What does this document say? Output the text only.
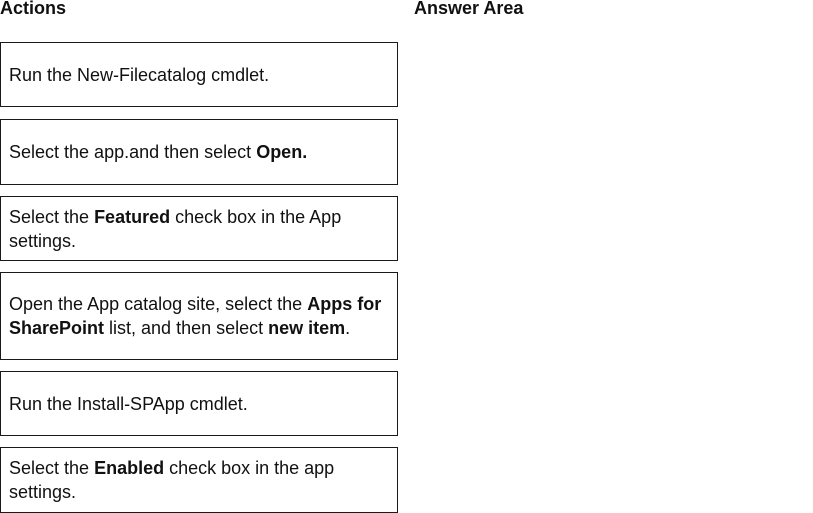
Actions	Answer Area
Run the New-Filecatalog cmdlet.
Select the app.and then select Open.
Select the Featured check box in the App settings.
Open the App catalog site, select the Apps for SharePoint list, and then select new item.
Run the Install-SPApp cmdlet.
Select the Enabled check box in the app settings.
